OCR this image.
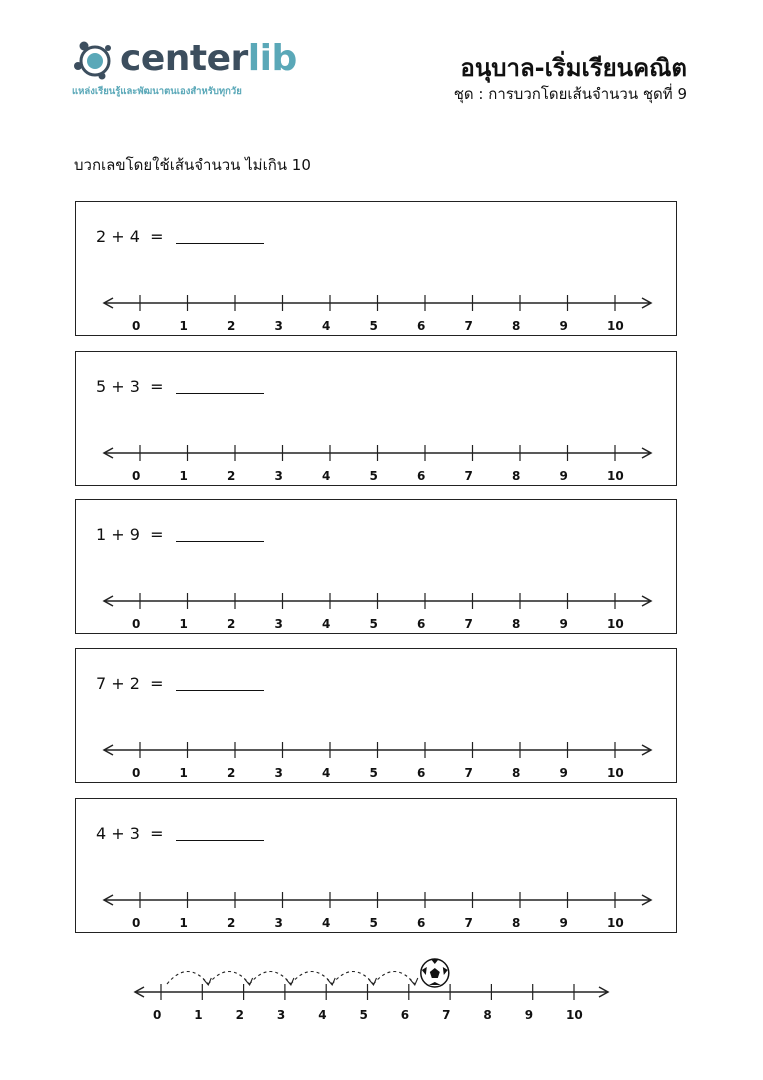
centerlib
แหล่งเรียนรู้และพัฒนาตนเองสำหรับทุกวัย
อนุบาล-เริ่มเรียนคณิต
ชุด : การบวกโดยเส้นจำนวน ชุดที่ 9
บวกเลขโดยใช้เส้นจำนวน ไม่เกิน 10
2 + 4  =
0	1	2	3	4	5	6	7	8	9	10
5 + 3  =
0	1	2	3	4	5	6	7	8	9	10
1 + 9  =
0	1	2	3	4	5	6	7	8	9	10
7 + 2  =
0	1	2	3	4	5	6	7	8	9	10
4 + 3  =
0	1	2	3	4	5	6	7	8	9	10
0	1	2	3	4	5	6	7	8	9	10
